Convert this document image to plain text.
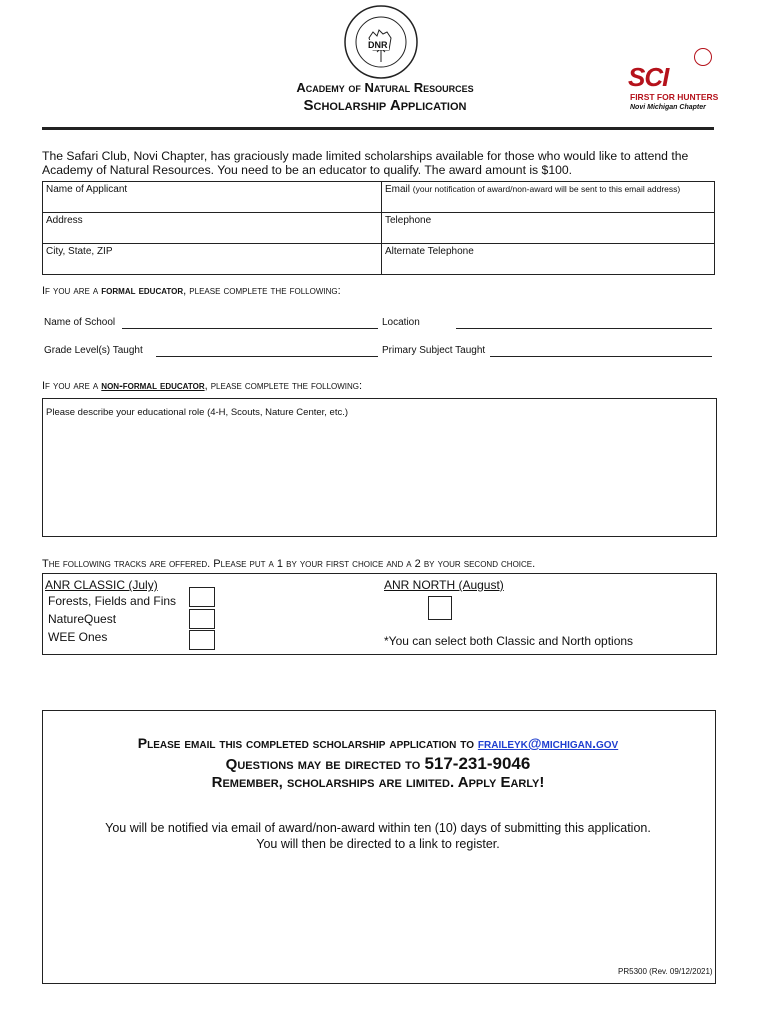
DNR
Academy of Natural Resources
Scholarship Application
SCI
FIRST FOR HUNTERS
Novi Michigan Chapter
The Safari Club, Novi Chapter, has graciously made limited scholarships available for those who would like to attend the Academy of Natural Resources. You need to be an educator to qualify. The award amount is $100.
Name of Applicant	Email (your notification of award/non-award will be sent to this email address)
Address	Telephone
City, State, ZIP	Alternate Telephone
If you are a formal educator, please complete the following:
Name of School	Location
Grade Level(s) Taught	Primary Subject Taught
If you are a non-formal educator, please complete the following:
Please describe your educational role (4-H, Scouts, Nature Center, etc.)
The following tracks are offered. Please put a 1 by your first choice and a 2 by your second choice.
ANR CLASSIC (July)
Forests, Fields and Fins
NatureQuest
WEE Ones
ANR NORTH (August)
*You can select both Classic and North options
Please email this completed scholarship application to fraileyk@michigan.gov
Questions may be directed to 517-231-9046
Remember, scholarships are limited. Apply Early!
You will be notified via email of award/non-award within ten (10) days of submitting this application.
You will then be directed to a link to register.
PR5300 (Rev. 09/12/2021)
